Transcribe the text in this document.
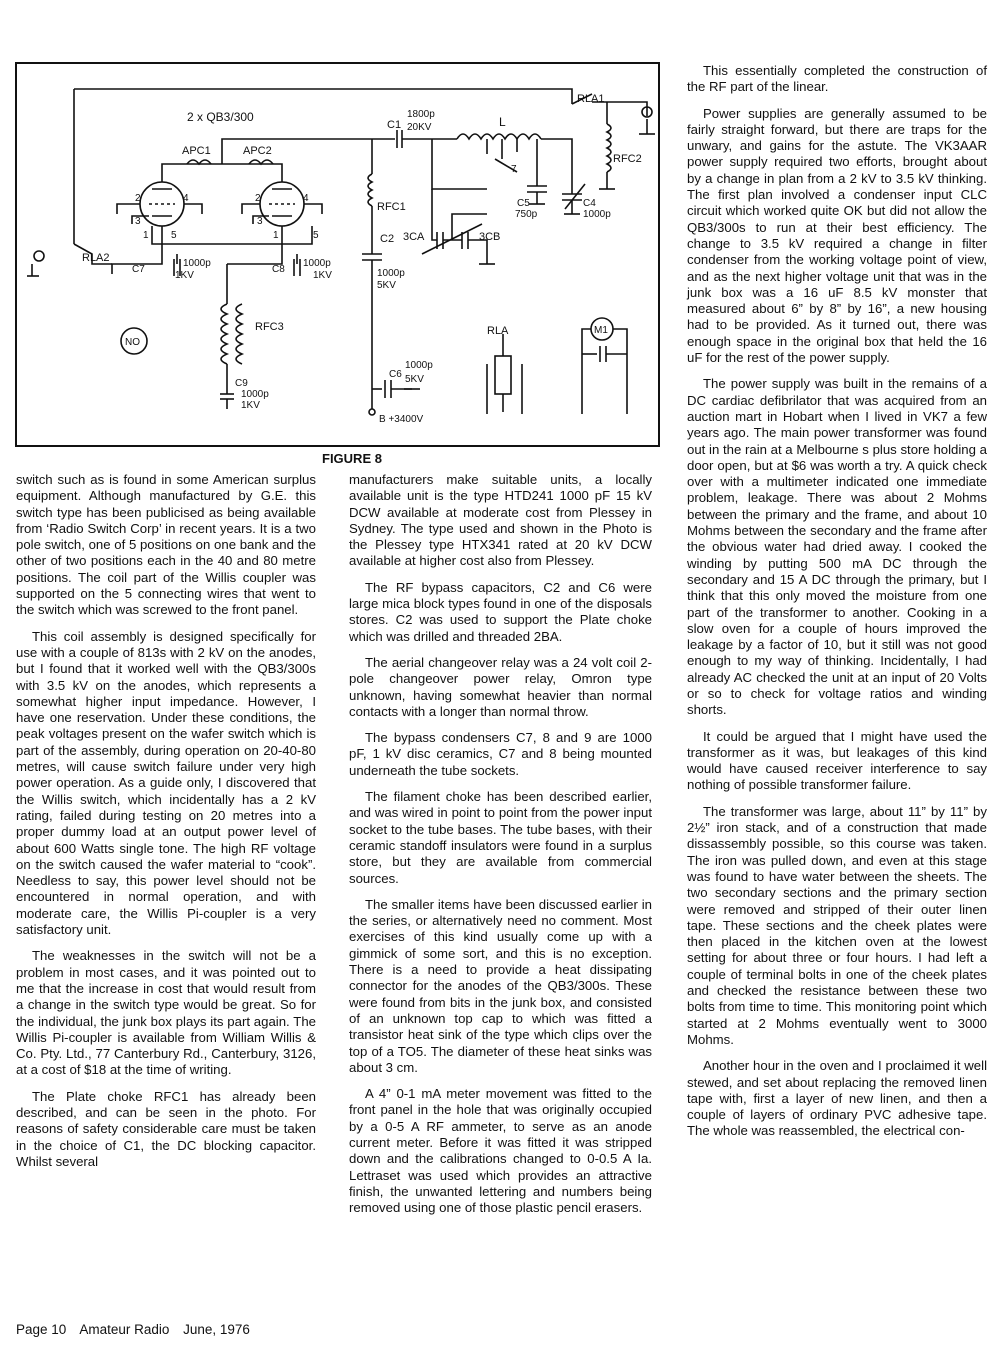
2 x QB3/300
APC1	APC2
C1
1800p
20KV	L
RLA1
RFC2
RFC1
C2
1000p
5KV
3CA	3CB
C5
750p
C4
1000p
RLA2
C7
1000p
1KV
C8
1000p
1KV
RFC3
NO
C9
1000p
1KV
C6
1000p
5KV
B +3400V
RLA	M1
2	4
3
1 5
2	4
3
1	5
7
FIGURE 8

switch such as is found in some American surplus equipment. Although manufactured by G.E. this switch type has been publicised as being available from ‘Radio Switch Corp’ in recent years. It is a two pole switch, one of 5 positions on one bank and the other of two positions each in the 40 and 80 metre positions. The coil part of the Willis coupler was supported on the 5 connecting wires that went to the switch which was screwed to the front panel.

This coil assembly is designed specifically for use with a couple of 813s with 2 kV on the anodes, but I found that it worked well with the QB3/300s with 3.5 kV on the anodes, which represents a somewhat higher input impedance. However, I have one reservation. Under these conditions, the peak voltages present on the wafer switch which is part of the assembly, during operation on 20-40-80 metres, will cause switch failure under very high power operation. As a guide only, I discovered that the Willis switch, which incidentally has a 2 kV rating, failed during testing on 20 metres into a proper dummy load at an output power level of about 600 Watts single tone. The high RF voltage on the switch caused the wafer material to “cook”. Needless to say, this power level should not be encountered in normal operation, and with moderate care, the Willis Pi-coupler is a very satisfactory unit.

The weaknesses in the switch will not be a problem in most cases, and it was pointed out to me that the increase in cost that would result from a change in the switch type would be great. So for the individual, the junk box plays its part again. The Willis Pi-coupler is available from William Willis & Co. Pty. Ltd., 77 Canterbury Rd., Canterbury, 3126, at a cost of $18 at the time of writing.

The Plate choke RFC1 has already been described, and can be seen in the photo. For reasons of safety considerable care must be taken in the choice of C1, the DC blocking capacitor. Whilst several

manufacturers make suitable units, a locally available unit is the type HTD241 1000 pF 15 kV DCW available at moderate cost from Plessey in Sydney. The type used and shown in the Photo is the Plessey type HTX341 rated at 20 kV DCW available at higher cost also from Plessey.

The RF bypass capacitors, C2 and C6 were large mica block types found in one of the disposals stores. C2 was used to support the Plate choke which was drilled and threaded 2BA.

The aerial changeover relay was a 24 volt coil 2-pole changeover power relay, Omron type unknown, having somewhat heavier than normal contacts with a longer than normal throw.

The bypass condensers C7, 8 and 9 are 1000 pF, 1 kV disc ceramics, C7 and 8 being mounted underneath the tube sockets.

The filament choke has been described earlier, and was wired in point to point from the power input socket to the tube bases. The tube bases, with their ceramic standoff insulators were found in a surplus store, but they are available from commercial sources.

The smaller items have been discussed earlier in the series, or alternatively need no comment. Most exercises of this kind usually come up with a gimmick of some sort, and this is no exception. There is a need to provide a heat dissipating connector for the anodes of the QB3/300s. These were found from bits in the junk box, and consisted of an unknown top cap to which was fitted a transistor heat sink of the type which clips over the top of a TO5. The diameter of these heat sinks was about 3 cm.

A 4” 0-1 mA meter movement was fitted to the front panel in the hole that was originally occupied by a 0-5 A RF ammeter, to serve as an anode current meter. Before it was fitted it was stripped down and the calibrations changed to 0-0.5 A Ia. Lettraset was used which provides an attractive finish, the unwanted lettering and numbers being removed using one of those plastic pencil erasers.

This essentially completed the construction of the RF part of the linear.

Power supplies are generally assumed to be fairly straight forward, but there are traps for the unwary, and gains for the astute. The VK3AAR power supply required two efforts, brought about by a change in plan from a 2 kV to 3.5 kV thinking. The first plan involved a condenser input CLC circuit which worked quite OK but did not allow the QB3/300s to run at their best efficiency. The change to 3.5 kV required a change in filter condenser from the working voltage point of view, and as the next higher voltage unit that was in the junk box was a 16 uF 8.5 kV monster that measured about 6” by 8” by 16”, a new housing had to be provided. As it turned out, there was enough space in the original box that held the 16 uF for the rest of the power supply.

The power supply was built in the remains of a DC cardiac defibrilator that was acquired from an auction mart in Hobart when I lived in VK7 a few years ago. The main power transformer was found out in the rain at a Melbourne s plus store holding a door open, but at $6 was worth a try. A quick check over with a multimeter indicated one immediate problem, leakage. There was about 2 Mohms between the primary and the frame, and about 10 Mohms between the secondary and the frame after the obvious water had dried away. I cooked the winding by putting 500 mA DC through the secondary and 15 A DC through the primary, but I think that this only moved the moisture from one part of the transformer to another. Cooking in a slow oven for a couple of hours improved the leakage by a factor of 10, but it still was not good enough to my way of thinking. Incidentally, I had already AC checked the unit at an input of 20 Volts or so to check for voltage ratios and winding shorts.

It could be argued that I might have used the transformer as it was, but leakages of this kind would have caused receiver interference to say nothing of possible transformer failure.

The transformer was large, about 11” by 11” by 2½” iron stack, and of a construction that made dissassembly possible, so this course was taken. The iron was pulled down, and even at this stage was found to have water between the sheets. The two secondary sections and the primary section were removed and stripped of their outer linen tape. These sections and the cheek plates were then placed in the kitchen oven at the lowest setting for about three or four hours. I had left a couple of terminal bolts in one of the cheek plates and checked the resistance between these two bolts from time to time. This monitoring point which started at 2 Mohms eventually went to 3000 Mohms.

Another hour in the oven and I proclaimed it well stewed, and set about replacing the removed linen tape with, first a layer of new linen, and then a couple of layers of ordinary PVC adhesive tape. The whole was reassembled, the electrical con-

Page 10 Amateur Radio June, 1976
